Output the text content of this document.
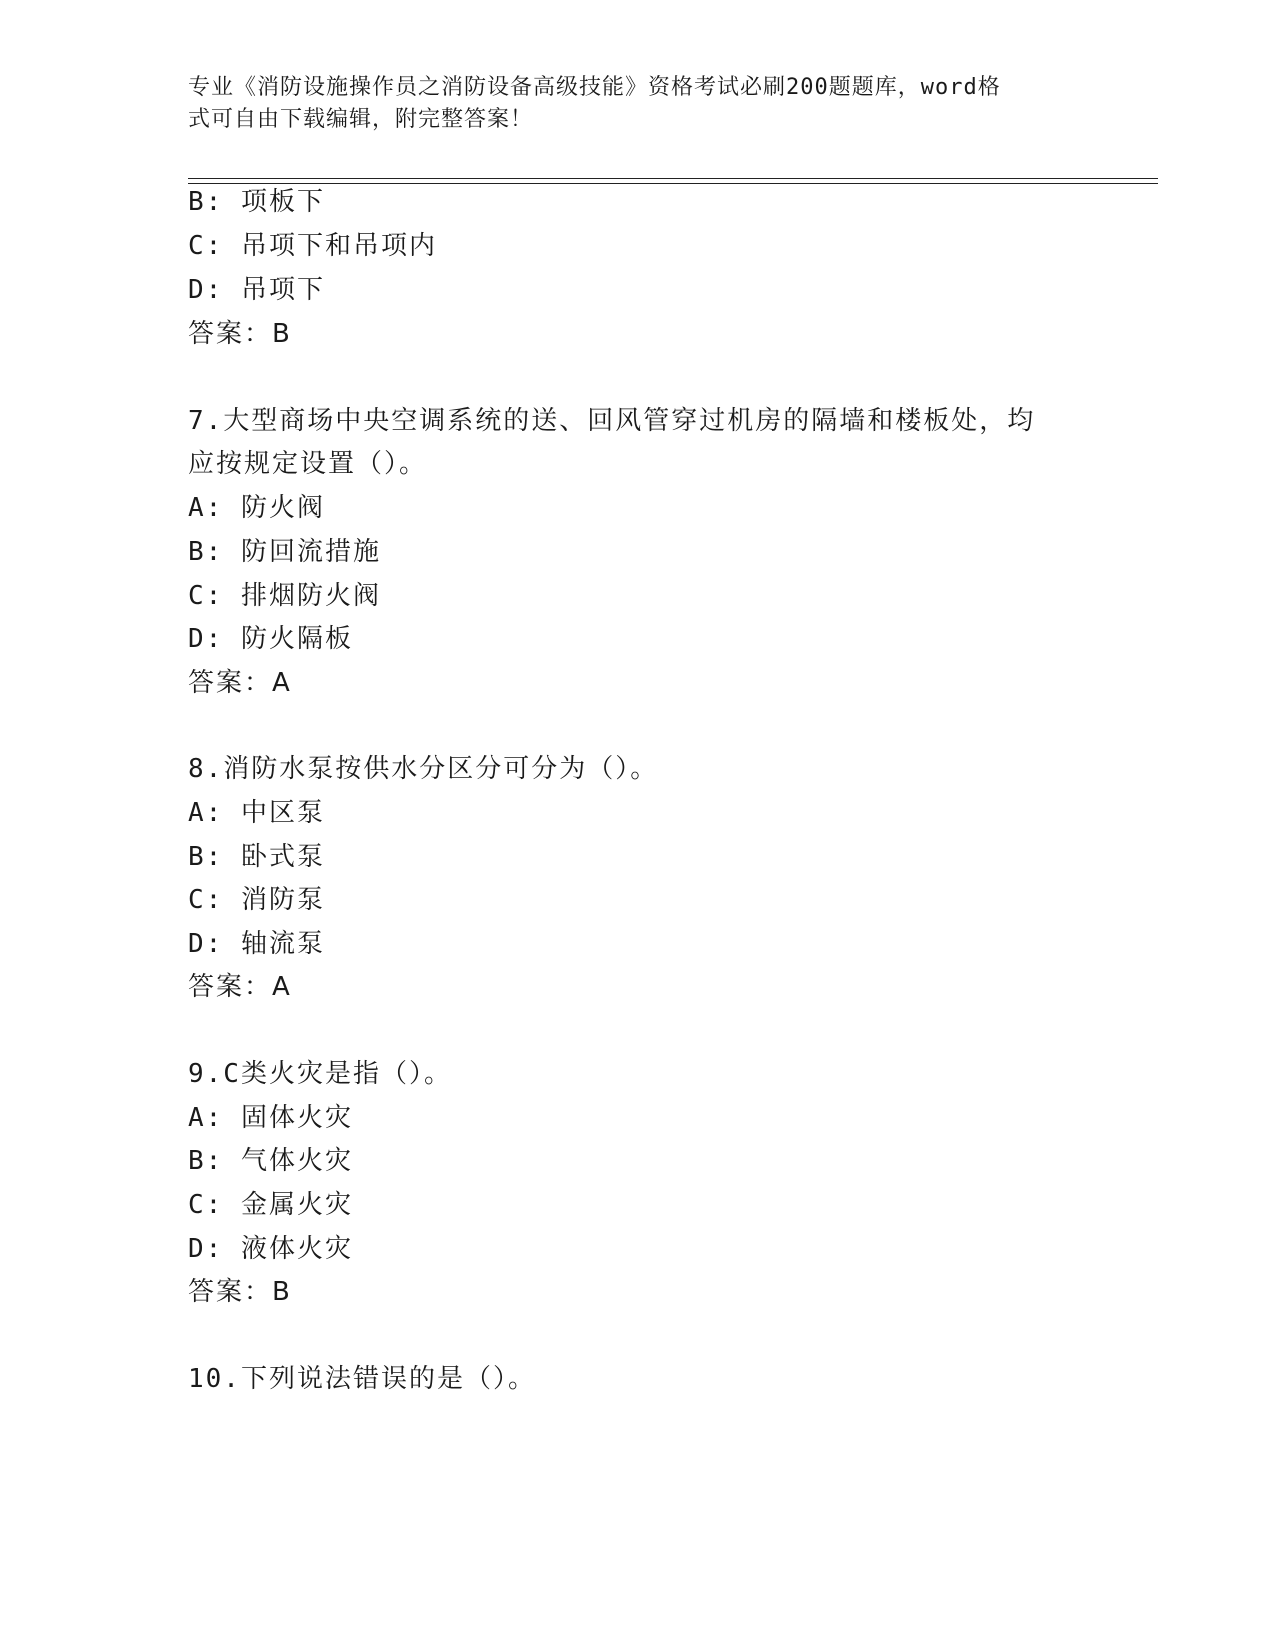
专业《消防设施操作员之消防设备高级技能》资格考试必刷200题题库，word格
式可自由下载编辑，附完整答案！
B: 项板下
C: 吊项下和吊项内
D: 吊项下
答案：B
7.大型商场中央空调系统的送、回风管穿过机房的隔墙和楼板处，均
应按规定设置（）。
A: 防火阀
B: 防回流措施
C: 排烟防火阀
D: 防火隔板
答案：A
8.消防水泵按供水分区分可分为（）。
A: 中区泵
B: 卧式泵
C: 消防泵
D: 轴流泵
答案：A
9.C类火灾是指（）。
A: 固体火灾
B: 气体火灾
C: 金属火灾
D: 液体火灾
答案：B
10.下列说法错误的是（）。
